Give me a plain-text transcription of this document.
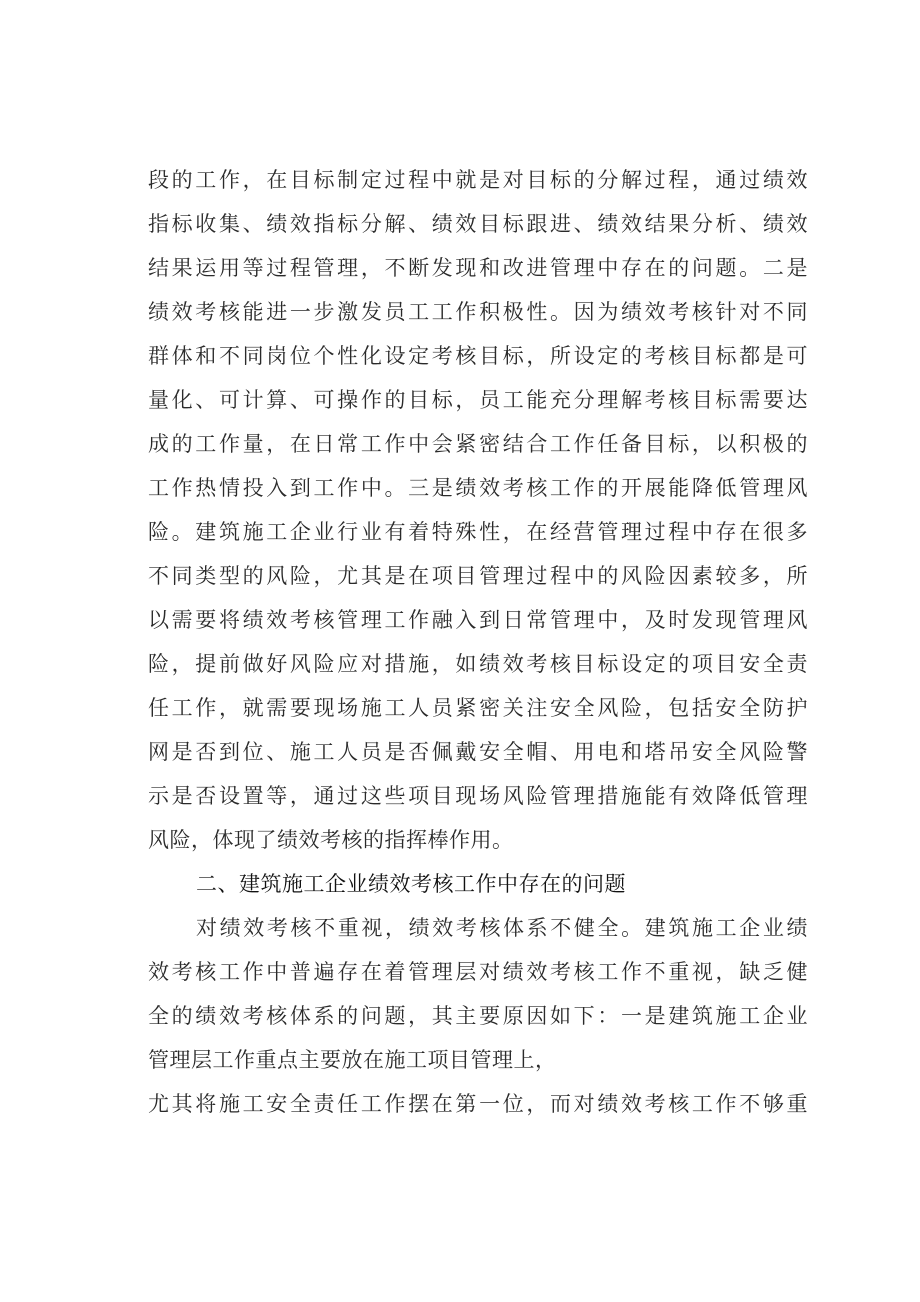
段的工作，在目标制定过程中就是对目标的分解过程，通过绩效
指标收集、绩效指标分解、绩效目标跟进、绩效结果分析、绩效
结果运用等过程管理，不断发现和改进管理中存在的问题。二是
绩效考核能进一步激发员工工作积极性。因为绩效考核针对不同
群体和不同岗位个性化设定考核目标，所设定的考核目标都是可
量化、可计算、可操作的目标，员工能充分理解考核目标需要达
成的工作量，在日常工作中会紧密结合工作任备目标，以积极的
工作热情投入到工作中。三是绩效考核工作的开展能降低管理风
险。建筑施工企业行业有着特殊性，在经营管理过程中存在很多
不同类型的风险，尤其是在项目管理过程中的风险因素较多，所
以需要将绩效考核管理工作融入到日常管理中，及时发现管理风
险，提前做好风险应对措施，如绩效考核目标设定的项目安全责
任工作，就需要现场施工人员紧密关注安全风险，包括安全防护
网是否到位、施工人员是否佩戴安全帽、用电和塔吊安全风险警
示是否设置等，通过这些项目现场风险管理措施能有效降低管理
风险，体现了绩效考核的指挥棒作用。
二、建筑施工企业绩效考核工作中存在的问题
对绩效考核不重视，绩效考核体系不健全。建筑施工企业绩
效考核工作中普遍存在着管理层对绩效考核工作不重视，缺乏健
全的绩效考核体系的问题，其主要原因如下：一是建筑施工企业
管理层工作重点主要放在施工项目管理上，
尤其将施工安全责任工作摆在第一位，而对绩效考核工作不够重
